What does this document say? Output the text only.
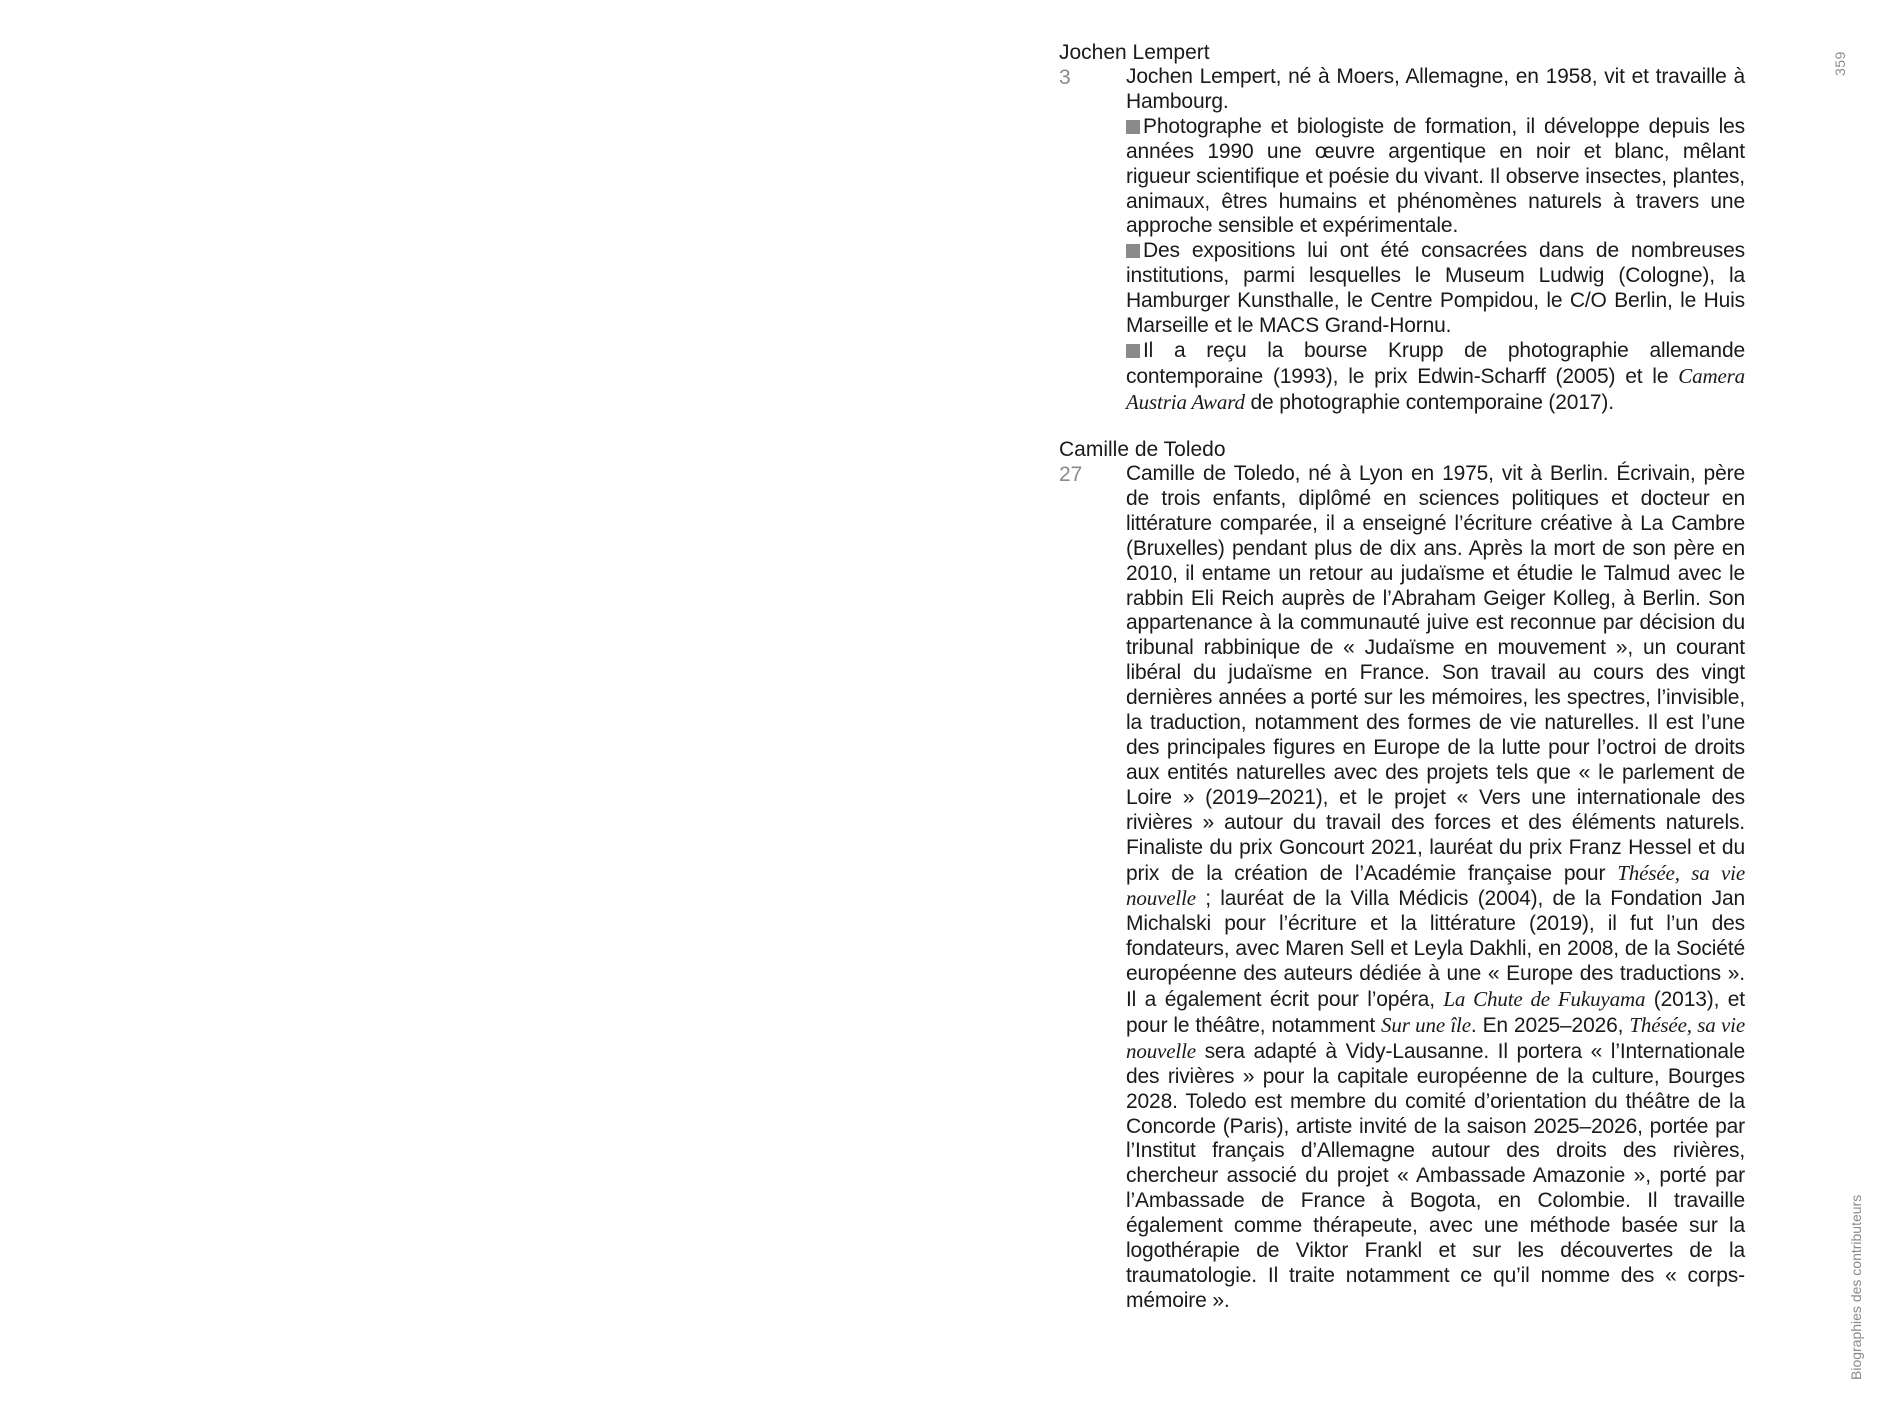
359
Biographies des contributeurs
Jochen Lempert
3	Jochen Lempert, né à Moers, Allemagne, en 1958, vit et travaille à Hambourg.

Photographe et biologiste de formation, il développe depuis les années 1990 une œuvre argentique en noir et blanc, mêlant rigueur scientifique et poésie du vivant. Il observe insectes, plantes, animaux, êtres humains et phénomènes naturels à travers une approche sensible et expérimentale.

Des expositions lui ont été consacrées dans de nombreuses institutions, parmi lesquelles le Museum Ludwig (Cologne), la Hamburger Kunsthalle, le Centre Pompidou, le C/O Berlin, le Huis Marseille et le MACS Grand-Hornu.

Il a reçu la bourse Krupp de photographie allemande contemporaine (1993), le prix Edwin-Scharff (2005) et le Camera Austria Award de photographie contemporaine (2017).

Camille de Toledo
27 Camille de Toledo, né à Lyon en 1975, vit à Berlin. Écrivain, père de trois enfants, diplômé en sciences politiques et docteur en littérature comparée, il a enseigné l’écriture créative à La Cambre (Bruxelles) pendant plus de dix ans. Après la mort de son père en 2010, il entame un retour au judaïsme et étudie le Talmud avec le rabbin Eli Reich auprès de l’Abraham Geiger Kolleg, à Berlin. Son appartenance à la communauté juive est reconnue par décision du tribunal rabbinique de « Judaïsme en mouvement », un courant libéral du judaïsme en France. Son travail au cours des vingt dernières années a porté sur les mémoires, les spectres, l’invisible, la traduction, notamment des formes de vie naturelles. Il est l’une des principales figures en Europe de la lutte pour l’octroi de droits aux entités naturelles avec des projets tels que « le parlement de Loire » (2019–2021), et le projet « Vers une internationale des rivières » autour du travail des forces et des éléments naturels. Finaliste du prix Goncourt 2021, lauréat du prix Franz Hessel et du prix de la création de l’Académie française pour Thésée, sa vie nouvelle ; lauréat de la Villa Médicis (2004), de la Fondation Jan Michalski pour l’écriture et la littérature (2019), il fut l’un des fondateurs, avec Maren Sell et Leyla Dakhli, en 2008, de la Société européenne des auteurs dédiée à une « Europe des traductions ». Il a également écrit pour l’opéra, La Chute de Fukuyama (2013), et pour le théâtre, notamment Sur une île. En 2025–2026, Thésée, sa vie nouvelle sera adapté à Vidy-Lausanne. Il portera « l’Internationale des rivières » pour la capitale européenne de la culture, Bourges 2028. Toledo est membre du comité d’orientation du théâtre de la Concorde (Paris), artiste invité de la saison 2025–2026, portée par l’Institut français d’Allemagne autour des droits des rivières, chercheur associé du projet « Ambassade Amazonie », porté par l’Ambassade de France à Bogota, en Colombie. Il travaille également comme thérapeute, avec une méthode basée sur la logothérapie de Viktor Frankl et sur les découvertes de la traumatologie. Il traite notamment ce qu’il nomme des « corps-mémoire ».
